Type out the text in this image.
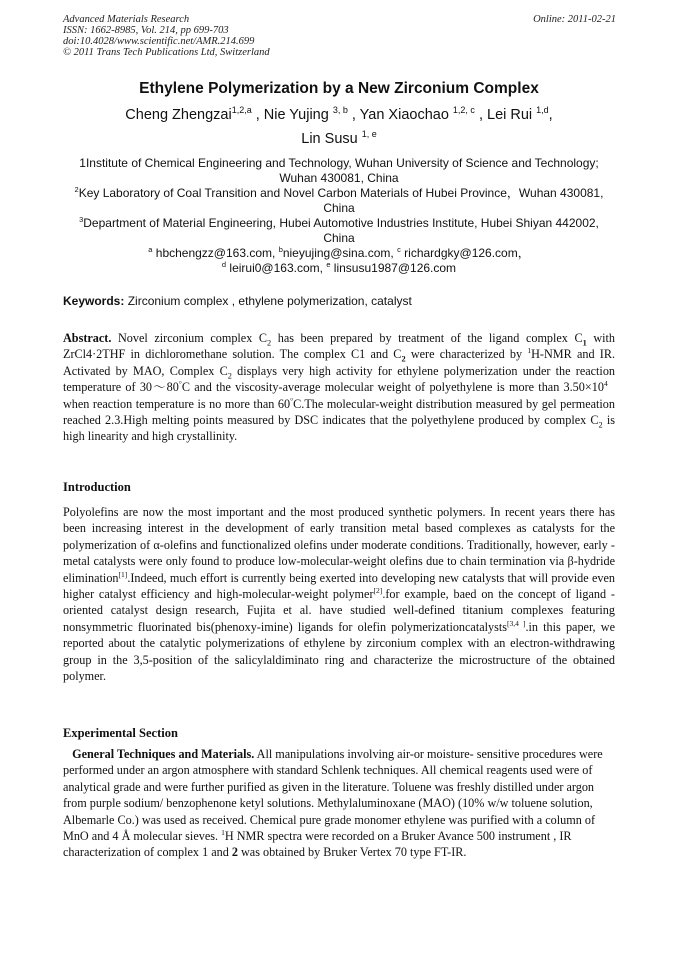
Advanced Materials Research
ISSN: 1662-8985, Vol. 214, pp 699-703
doi:10.4028/www.scientific.net/AMR.214.699
© 2011 Trans Tech Publications Ltd, Switzerland
Online: 2011-02-21
Ethylene Polymerization by a New Zirconium Complex
Cheng Zhengzai$^{1,2,a}$ , Nie Yujing $^{3, b}$ , Yan Xiaochao $^{1,2, c}$ , Lei Rui $^{1,d}$,
Lin Susu $^{1, e}$
1Institute of Chemical Engineering and Technology, Wuhan University of Science and Technology; Wuhan 430081, China
$^2$Key Laboratory of Coal Transition and Novel Carbon Materials of Hubei Province，Wuhan 430081, China
$^3$Department of Material Engineering, Hubei Automotive Industries Institute, Hubei Shiyan 442002, China
$^a$ hbchengzz@163.com, $^b$nieyujing@sina.com, $^c$ richardgky@126.com，
$^d$ leirui0@163.com, $^e$ linsusu1987@126.com
Keywords: Zirconium complex , ethylene polymerization, catalyst
Abstract. Novel zirconium complex $C_2$ has been prepared by treatment of the ligand complex $C_1$ with ZrCl4·2THF in dichloromethane solution. The complex C1 and $C_2$ were characterized by $^1$H-NMR and IR. Activated by MAO, Complex $C_2$ displays very high activity for ethylene polymerization under the reaction temperature of 30～80°C and the viscosity-average molecular weight of polyethylene is more than $3.50\times 10^4$   when reaction temperature is no more than 60°C.The molecular-weight distribution measured by gel permeation reached 2.3.High melting points measured by DSC indicates that the polyethylene produced by complex $C_2$ is high linearity and high crystallinity.
Introduction
Polyolefins are now the most important and the most produced synthetic polymers. In recent years there has been increasing interest in the development of early transition metal based complexes as catalysts for the polymerization of α-olefins and functionalized olefins under moderate conditions. Traditionally, however, early -metal catalysts were only found to produce low-molecular-weight olefins due to chain termination via β-hydride elimination[1].Indeed, much effort is currently being exerted into developing new catalysts that will provide even higher catalyst efficiency and high-molecular-weight polymer[2].for example, baed on the concept of ligand -oriented catalyst design research, Fujita et al. have studied well-defined titanium complexes featuring nonsymmetric fluorinated bis(phenoxy-imine) ligands for olefin polymerizationcatalysts[3,4 ].in this paper, we reported about the catalytic polymerizations of ethylene by zirconium complex with an electron-withdrawing group in the 3,5-position of the salicylaldiminato ring and characterize the microstructure of the obtained polymer.
Experimental Section
General Techniques and Materials. All manipulations involving air-or moisture- sensitive procedures were performed under an argon atmosphere with standard Schlenk techniques. All chemical reagents used were of analytical grade and were further purified as given in the literature. Toluene was freshly distilled under argon from purple sodium/ benzophenone ketyl solutions. Methylaluminoxane (MAO) (10% w/w toluene solution, Albemarle Co.) was used as received. Chemical pure grade monomer ethylene was purified with a column of MnO and 4 Å molecular sieves. $^1$H NMR spectra were recorded on a Bruker Avance 500 instrument , IR characterization of complex 1 and 2 was obtained by Bruker Vertex 70 type FT-IR.
